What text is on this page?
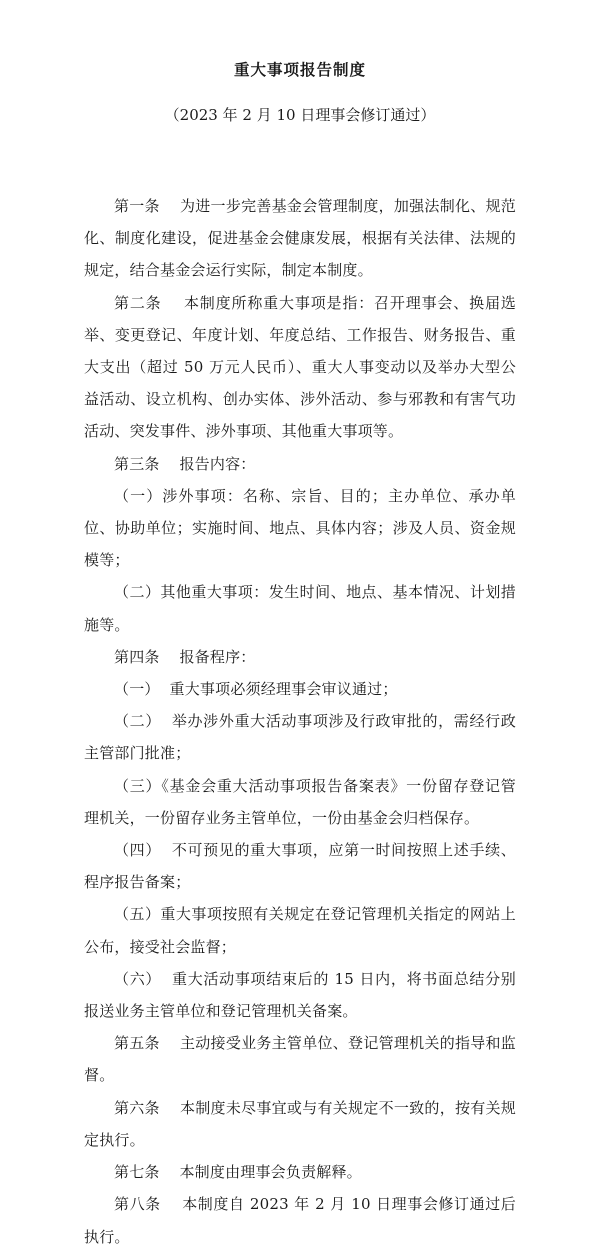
重大事项报告制度
（2023 年 2 月 10 日理事会修订通过）

第一条    为进一步完善基金会管理制度，加强法制化、规范化、制度化建设，促进基金会健康发展，根据有关法律、法规的规定，结合基金会运行实际，制定本制度。

第二条    本制度所称重大事项是指：召开理事会、换届选举、变更登记、年度计划、年度总结、工作报告、财务报告、重大支出（超过 50 万元人民币）、重大人事变动以及举办大型公益活动、设立机构、创办实体、涉外活动、参与邪教和有害气功活动、突发事件、涉外事项、其他重大事项等。

第三条    报告内容：

（一）涉外事项：名称、宗旨、目的；主办单位、承办单位、协助单位；实施时间、地点、具体内容；涉及人员、资金规模等；

（二）其他重大事项：发生时间、地点、基本情况、计划措施等。

第四条    报备程序：

（一）  重大事项必须经理事会审议通过；

（二）  举办涉外重大活动事项涉及行政审批的，需经行政主管部门批准；

（三）《基金会重大活动事项报告备案表》一份留存登记管理机关，一份留存业务主管单位，一份由基金会归档保存。

（四）  不可预见的重大事项，应第一时间按照上述手续、程序报告备案；

（五）重大事项按照有关规定在登记管理机关指定的网站上公布，接受社会监督；

（六）  重大活动事项结束后的 15 日内，将书面总结分别报送业务主管单位和登记管理机关备案。

第五条    主动接受业务主管单位、登记管理机关的指导和监督。

第六条    本制度未尽事宜或与有关规定不一致的，按有关规定执行。

第七条    本制度由理事会负责解释。

第八条    本制度自 2023 年 2 月 10 日理事会修订通过后执行。
